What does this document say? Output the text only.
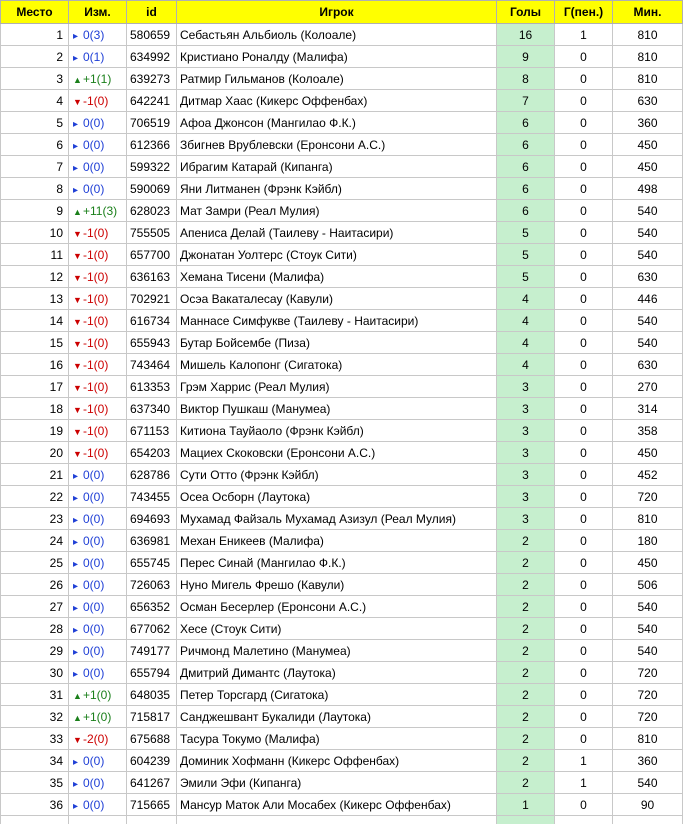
Место	Изм.	id	Игрок	Голы	Г(пен.)	Мин.
1	▸ 0(3)	580659	Себастьян Альбиоль (Колоале)	16	1	810
2	▸ 0(1)	634992	Кристиано Роналду (Малифа)	9	0	810
3	▲+1(1)	639273	Ратмир Гильманов (Колоале)	8	0	810
4	▼-1(0)	642241	Дитмар Хаас (Кикерс Оффенбах)	7	0	630
5	▸ 0(0)	706519	Афоа Джонсон (Мангилао Ф.К.)	6	0	360
6	▸ 0(0)	612366	Збигнев Врублевски (Еронсони А.С.)	6	0	450
7	▸ 0(0)	599322	Ибрагим Катарай (Кипанга)	6	0	450
8	▸ 0(0)	590069	Яни Литманен (Фрэнк Кэйбл)	6	0	498
9	▲+11(3)	628023	Мат Замри (Реал Мулия)	6	0	540
10	▼-1(0)	755505	Апениса Делай (Таилеву - Наитасири)	5	0	540
11	▼-1(0)	657700	Джонатан Уолтерс (Стоук Сити)	5	0	540
12	▼-1(0)	636163	Хемана Тисени (Малифа)	5	0	630
13	▼-1(0)	702921	Осэа Вакаталесау (Кавули)	4	0	446
14	▼-1(0)	616734	Маннасе Симфукве (Таилеву - Наитасири)	4	0	540
15	▼-1(0)	655943	Бутар Бойсембе (Пиза)	4	0	540
16	▼-1(0)	743464	Мишель Калопонг (Сигатока)	4	0	630
17	▼-1(0)	613353	Грэм Харрис (Реал Мулия)	3	0	270
18	▼-1(0)	637340	Виктор Пушкаш (Манумеа)	3	0	314
19	▼-1(0)	671153	Китиона Тауйаоло (Фрэнк Кэйбл)	3	0	358
20	▼-1(0)	654203	Мациех Скоковски (Еронсони А.С.)	3	0	450
21	▸ 0(0)	628786	Сути Отто (Фрэнк Кэйбл)	3	0	452
22	▸ 0(0)	743455	Осеа Осборн (Лаутока)	3	0	720
23	▸ 0(0)	694693	Мухамад Файзаль Мухамад Азизул (Реал Мулия)	3	0	810
24	▸ 0(0)	636981	Механ Еникеев (Малифа)	2	0	180
25	▸ 0(0)	655745	Перес Синай (Мангилао Ф.К.)	2	0	450
26	▸ 0(0)	726063	Нуно Мигель Фрешо (Кавули)	2	0	506
27	▸ 0(0)	656352	Осман Бесерлер (Еронсони А.С.)	2	0	540
28	▸ 0(0)	677062	Хесе (Стоук Сити)	2	0	540
29	▸ 0(0)	749177	Ричмонд Малетино (Манумеа)	2	0	540
30	▸ 0(0)	655794	Дмитрий Димантс (Лаутока)	2	0	720
31	▲+1(0)	648035	Петер Торсгард (Сигатока)	2	0	720
32	▲+1(0)	715817	Санджешвант Букалиди (Лаутока)	2	0	720
33	▼-2(0)	675688	Тасура Токумо (Малифа)	2	0	810
34	▸ 0(0)	604239	Доминик Хофманн (Кикерс Оффенбах)	2	1	360
35	▸ 0(0)	641267	Эмили Эфи (Кипанга)	2	1	540
36	▸ 0(0)	715665	Мансур Маток Али Мосабех (Кикерс Оффенбах)	1	0	90
